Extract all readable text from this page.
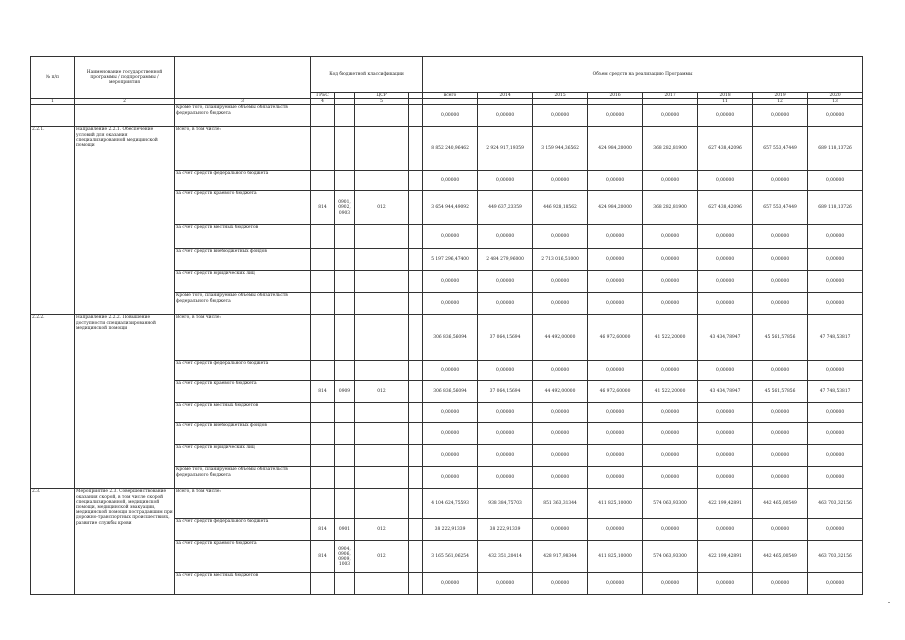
№ п/п	Наименование государственной программы / подпрограммы / мероприятия		Код бюджетной классификации				Объем средств на реализацию Программы							
			ГРБС		ЦСР		всего	2014	2015	2016	2017	2018	2019	2020
1	2	3	4		5							11	12	13
		Кроме того, планируемые объемы обязательств федерального бюджета					0,00000	0,00000	0,00000	0,00000	0,00000	0,00000	0,00000	0,00000
2.2.1.	Направление 2.2.1. Обеспечение условий для оказания специализированной медицинской помощи	Всего, в том числе:					8 852 240,96462	2 924 917,19359	3 159 944,36562	424 984,20000	368 282,81900	627 438,42096	657 553,47449	689 118,13726
		за счет средств федерального бюджета					0,00000	0,00000	0,00000	0,00000	0,00000	0,00000	0,00000	0,00000
		за счет средств краевого бюджета	814	0901, 0902, 0903	012		3 654 944,49092	449 637,23359	446 928,18562	424 984,20000	368 282,81900	627 438,42096	657 553,47449	689 118,13726
		за счет средств местных бюджетов					0,00000	0,00000	0,00000	0,00000	0,00000	0,00000	0,00000	0,00000
		за счет средств внебюджетных фондов					5 197 296,47400	2 484 279,96000	2 713 016,51000	0,00000	0,00000	0,00000	0,00000	0,00000
		за счет средств юридических лиц					0,00000	0,00000	0,00000	0,00000	0,00000	0,00000	0,00000	0,00000
		Кроме того, планируемые объемы обязательств федерального бюджета					0,00000	0,00000	0,00000	0,00000	0,00000	0,00000	0,00000	0,00000
2.2.2.	Направление 2.2.2. Повышение доступности специализированной медицинской помощи	Всего, в том числе:					306 836,56094	37 064,15694	44 492,00000	46 972,60000	41 522,20000	43 434,78947	45 561,57856	47 748,53817
		за счет средств федерального бюджета					0,00000	0,00000	0,00000	0,00000	0,00000	0,00000	0,00000	0,00000
		за счет средств краевого бюджета	814	0909	012		306 836,56094	37 064,15694	44 492,00000	46 972,60000	41 522,20000	43 434,78947	45 561,57856	47 748,53817
		за счет средств местных бюджетов					0,00000	0,00000	0,00000	0,00000	0,00000	0,00000	0,00000	0,00000
		за счет средств внебюджетных фондов					0,00000	0,00000	0,00000	0,00000	0,00000	0,00000	0,00000	0,00000
		за счет средств юридических лиц					0,00000	0,00000	0,00000	0,00000	0,00000	0,00000	0,00000	0,00000
		Кроме того, планируемые объемы обязательств федерального бюджета					0,00000	0,00000	0,00000	0,00000	0,00000	0,00000	0,00000	0,00000
2.3.	Мероприятие 2.3. Совершенствование оказания скорой, в том числе скорой специализированной, медицинской помощи, медицинской эвакуации, медицинской помощи пострадавшим при дорожно-транспортных происшествиях, развитие службы крови	Всего, в том числе:					4 104 624,75593	938 384,75703	851 363,31344	411 825,10000	574 063,93300	422 199,42891	442 465,00549	463 703,32156
		за счет средств федерального бюджета	814	0901	012		38 222,91339	38 222,91339	0,00000	0,00000	0,00000	0,00000	0,00000	0,00000
		за счет средств краевого бюджета	814	0904, 0906, 0909, 1003	012		3 165 561,06254	432 351,20414	428 917,98344	411 825,10000	574 063,93300	422 199,42891	442 465,00549	463 703,32156
		за счет средств местных бюджетов					0,00000	0,00000	0,00000	0,00000	0,00000	0,00000	0,00000	0,00000
